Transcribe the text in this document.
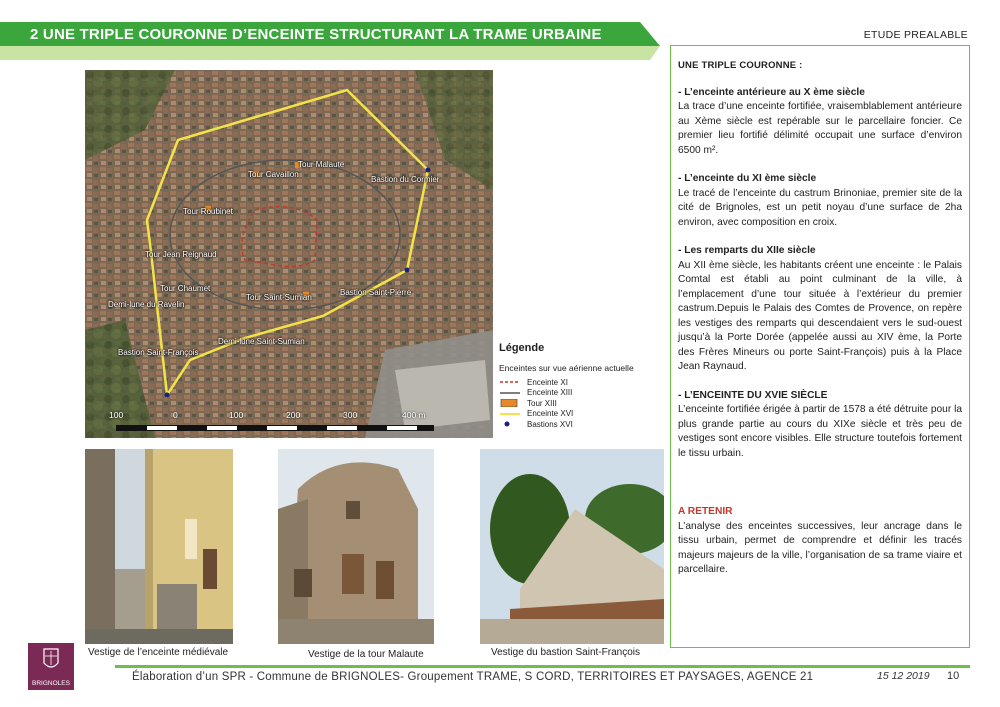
2 UNE TRIPLE COURONNE D’ENCEINTE STRUCTURANT LA TRAME URBAINE	ETUDE PREALABLE
Tour Malaute
Tour Cavaillon
Bastion du Cormier
Tour Roubinet
Tour Jean Reignaud
Tour Chaumet
Demi-lune du Ravelin
Tour Saint-Sumian
Bastion Saint-Pierre
Demi-lune Saint-Sumian
Bastion Saint-François
100	0	100	200	300	400 m
Légende
Enceintes sur vue aérienne actuelle
Enceinte XI
Enceinte XIII
Tour XIII
Enceinte XVI
Bastions XVI
Vestige de l’enceinte médiévale	Vestige de la tour Malaute	Vestige du bastion Saint-François
UNE TRIPLE COURONNE :
- L’enceinte antérieure au X ème siècle
La trace d’une enceinte fortifiée, vraisemblablement antérieure au Xème siècle est repérable sur le parcellaire foncier. Ce premier lieu fortifié délimité occupait une surface d’environ 6500 m².
- L’enceinte du XI ème siècle
Le tracé de l’enceinte du castrum Brinoniae, premier site de la cité de Brignoles, est un petit noyau d’une surface de 2ha environ, avec composition en croix.
- Les remparts du XIIe siècle
Au XII ème siècle, les habitants créent une enceinte : le Palais Comtal est établi au point culminant de la ville, à l’emplacement d’une tour située à l’extérieur du premier castrum.Depuis le Palais des Comtes de Provence, on repère les vestiges des remparts qui descendaient vers le sud-ouest jusqu’à la Porte Dorée (appelée aussi au XIV ème, la Porte des Frères Mineurs ou porte Saint-François) puis à la Place Jean Raynaud.
- L’ENCEINTE DU XVIE SIÈCLE
L’enceinte fortifiée érigée à partir de 1578 a été détruite pour la plus grande partie au cours du XIXe siècle et très peu de vestiges sont encore visibles. Elle structure toutefois fortement le tissu urbain.
A RETENIR
L’analyse des enceintes successives, leur ancrage dans le tissu urbain, permet de comprendre et définir les tracés majeurs majeurs de la ville, l’organisation de sa trame viaire et parcellaire.
BRIGNOLES
Élaboration d’un SPR - Commune de BRIGNOLES- Groupement TRAME, S CORD, TERRITOIRES ET PAYSAGES, AGENCE 21	15 12 2019 10
